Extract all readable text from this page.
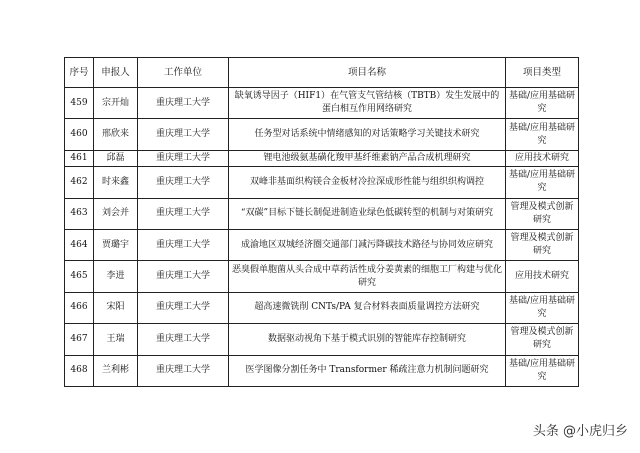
序号	申报人	工作单位	项目名称	项目类型
459	宗开灿	重庆理工大学	缺氧诱导因子（HIF1）在气管支气管结核（TBTB）发生发展中的蛋白相互作用网络研究	基础/应用基础研究
460	邢欣来	重庆理工大学	任务型对话系统中情绪感知的对话策略学习关键技术研究	基础/应用基础研究
461	邱磊	重庆理工大学	锂电池级氨基磺化羧甲基纤维素钠产品合成机理研究	应用技术研究
462	时来鑫	重庆理工大学	双峰非基面织构镁合金板材冷拉深成形性能与组织织构调控	基础/应用基础研究
463	刘会并	重庆理工大学	“双碳”目标下链长制促进制造业绿色低碳转型的机制与对策研究	管理及模式创新研究
464	贾璐宇	重庆理工大学	成渝地区双城经济圈交通部门减污降碳技术路径与协同效应研究	管理及模式创新研究
465	李进	重庆理工大学	恶臭假单胞菌从头合成中草药活性成分姜黄素的细胞工厂构建与优化研究	应用技术研究
466	宋阳	重庆理工大学	超高速微铣削 CNTs/PA 复合材料表面质量调控方法研究	基础/应用基础研究
467	王瑞	重庆理工大学	数据驱动视角下基于模式识别的智能库存控制研究	管理及模式创新研究
468	兰利彬	重庆理工大学	医学图像分割任务中 Transformer 稀疏注意力机制问题研究	基础/应用基础研究
头条 @小虎归乡
